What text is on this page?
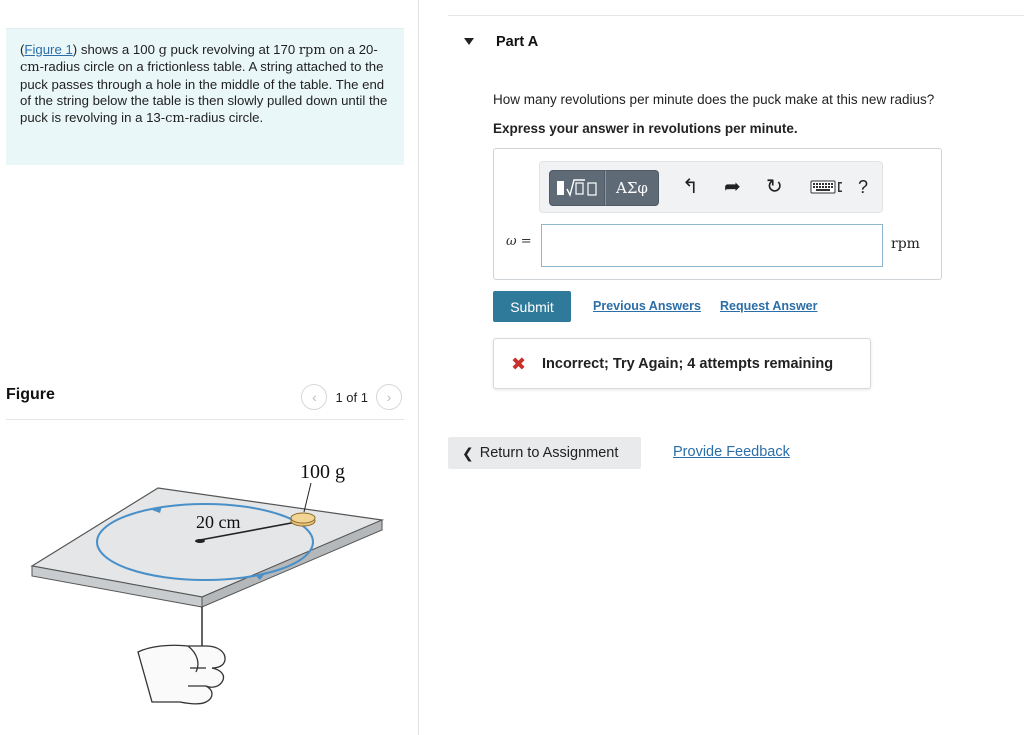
(Figure 1) shows a 100 g puck revolving at 170 rpm on a 20-cm-radius circle on a frictionless table. A string attached to the puck passes through a hole in the middle of the table. The end of the string below the table is then slowly pulled down until the puck is revolving in a 13-cm-radius circle.
Figure	‹	1 of 1	›
100 g
20 cm
Part A
How many revolutions per minute does the puck make at this new radius?
Express your answer in revolutions per minute.
ΑΣφ	↰ ➦ ↻	?
ω =	rpm
Submit	Previous Answers Request Answer
✖ Incorrect; Try Again; 4 attempts remaining
❮ Return to Assignment	Provide Feedback
